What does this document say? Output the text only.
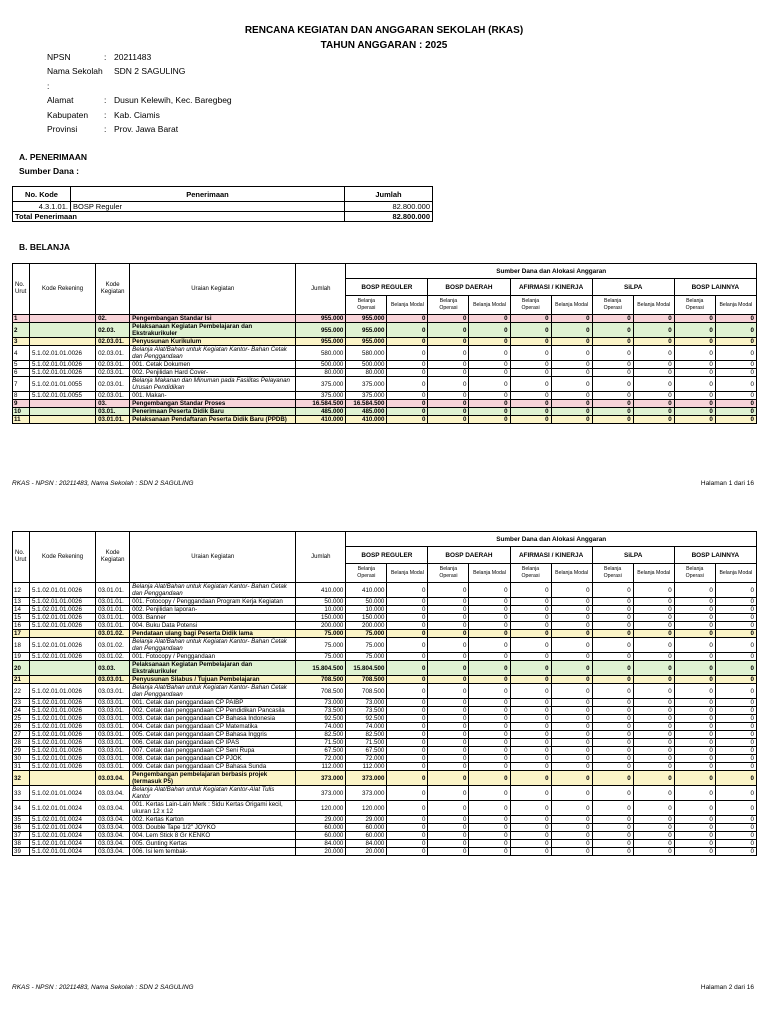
RENCANA KEGIATAN DAN ANGGARAN SEKOLAH (RKAS)
TAHUN ANGGARAN : 2025
NPSN	: 20211483
Nama Sekolah :
SDN 2 SAGULING
Alamat	: Dusun Kelewih, Kec. Baregbeg
Kabupaten	: Kab. Ciamis
Provinsi	: Prov. Jawa Barat
A. PENERIMAAN
Sumber Dana :
No. Kode	Penerimaan	Jumlah
4.3.1.01.	BOSP Reguler	82.800.000
Total Penerimaan		82.800.000
B. BELANJA
No. Urut	Kode Rekening	Kode Kegiatan	Uraian Kegiatan	Jumlah	Sumber Dana dan Alokasi Anggaran									
					BOSP REGULER		BOSP DAERAH		AFIRMASI / KINERJA		SiLPA		BOSP LAINNYA	
					Belanja Operasi	Belanja Modal	Belanja Operasi	Belanja Modal	Belanja Operasi	Belanja Modal	Belanja Operasi	Belanja Modal	Belanja Operasi	Belanja Modal
1		02.	Pengembangan Standar Isi	955.000	955.000	0	0	0	0	0	0	0	0	0
2		02.03.	Pelaksanaan Kegiatan Pembelajaran dan Ekstrakurikuler	955.000	955.000	0	0	0	0	0	0	0	0	0
3		02.03.01.	Penyusunan Kurikulum	955.000	955.000	0	0	0	0	0	0	0	0	0
4	5.1.02.01.01.0026	02.03.01.	Belanja Alat/Bahan untuk Kegiatan Kantor- Bahan Cetak dan Penggandaan	580.000	580.000	0	0	0	0	0	0	0	0	0
5	5.1.02.01.01.0026	02.03.01.	001. Cetak Dokumen	500.000	500.000	0	0	0	0	0	0	0	0	0
6	5.1.02.01.01.0026	02.03.01.	002. Penjilidan Hard Cover-	80.000	80.000	0	0	0	0	0	0	0	0	0
7	5.1.02.01.01.0055	02.03.01.	Belanja Makanan dan Minuman pada Fasilitas Pelayanan Urusan Pendidikan	375.000	375.000	0	0	0	0	0	0	0	0	0
8	5.1.02.01.01.0055	02.03.01.	001. Makan-	375.000	375.000	0	0	0	0	0	0	0	0	0
9		03.	Pengembangan Standar Proses	16.584.500	16.584.500	0	0	0	0	0	0	0	0	0
10		03.01.	Penerimaan Peserta Didik Baru	485.000	485.000	0	0	0	0	0	0	0	0	0
11		03.01.01.	Pelaksanaan Pendaftaran Peserta Didik Baru (PPDB)	410.000	410.000	0	0	0	0	0	0	0	0	0
RKAS - NPSN : 20211483, Nama Sekolah : SDN 2 SAGULING	Halaman 1 dari 16
No. Urut	Kode Rekening	Kode Kegiatan	Uraian Kegiatan	Jumlah	Sumber Dana dan Alokasi Anggaran									
					BOSP REGULER		BOSP DAERAH		AFIRMASI / KINERJA		SiLPA		BOSP LAINNYA	
					Belanja Operasi	Belanja Modal	Belanja Operasi	Belanja Modal	Belanja Operasi	Belanja Modal	Belanja Operasi	Belanja Modal	Belanja Operasi	Belanja Modal
12	5.1.02.01.01.0026	03.01.01.	Belanja Alat/Bahan untuk Kegiatan Kantor- Bahan Cetak dan Penggandaan	410.000	410.000	0	0	0	0	0	0	0	0	0
13	5.1.02.01.01.0026	03.01.01.	001. Fotocopy / Penggandaan Program Kerja Kegiatan	50.000	50.000	0	0	0	0	0	0	0	0	0
14	5.1.02.01.01.0026	03.01.01.	002. Penjilidan laporan-	10.000	10.000	0	0	0	0	0	0	0	0	0
15	5.1.02.01.01.0026	03.01.01.	003. Banner	150.000	150.000	0	0	0	0	0	0	0	0	0
16	5.1.02.01.01.0026	03.01.01.	004. Buku Data Potensi	200.000	200.000	0	0	0	0	0	0	0	0	0
17		03.01.02.	Pendataan ulang bagi Peserta Didik lama	75.000	75.000	0	0	0	0	0	0	0	0	0
18	5.1.02.01.01.0026	03.01.02.	Belanja Alat/Bahan untuk Kegiatan Kantor- Bahan Cetak dan Penggandaan	75.000	75.000	0	0	0	0	0	0	0	0	0
19	5.1.02.01.01.0026	03.01.02.	001. Fotocopy / Penggandaan	75.000	75.000	0	0	0	0	0	0	0	0	0
20		03.03.	Pelaksanaan Kegiatan Pembelajaran dan Ekstrakurikuler	15.804.500	15.804.500	0	0	0	0	0	0	0	0	0
21		03.03.01.	Penyusunan Silabus / Tujuan Pembelajaran	708.500	708.500	0	0	0	0	0	0	0	0	0
22	5.1.02.01.01.0026	03.03.01.	Belanja Alat/Bahan untuk Kegiatan Kantor- Bahan Cetak dan Penggandaan	708.500	708.500	0	0	0	0	0	0	0	0	0
23	5.1.02.01.01.0026	03.03.01.	001. Cetak dan penggandaan CP PAIBP	73.000	73.000	0	0	0	0	0	0	0	0	0
24	5.1.02.01.01.0026	03.03.01.	002. Cetak dan penggandaan CP Pendidikan Pancasila	73.500	73.500	0	0	0	0	0	0	0	0	0
25	5.1.02.01.01.0026	03.03.01.	003. Cetak dan penggandaan CP Bahasa Indonesia	92.500	92.500	0	0	0	0	0	0	0	0	0
26	5.1.02.01.01.0026	03.03.01.	004. Cetak dan penggandaan CP Matematika	74.000	74.000	0	0	0	0	0	0	0	0	0
27	5.1.02.01.01.0026	03.03.01.	005. Cetak dan penggandaan CP Bahasa Inggris	82.500	82.500	0	0	0	0	0	0	0	0	0
28	5.1.02.01.01.0026	03.03.01.	006. Cetak dan penggandaan CP IPAS	71.500	71.500	0	0	0	0	0	0	0	0	0
29	5.1.02.01.01.0026	03.03.01.	007. Cetak dan penggandaan CP Seni Rupa	67.500	67.500	0	0	0	0	0	0	0	0	0
30	5.1.02.01.01.0026	03.03.01.	008. Cetak dan penggandaan CP PJOK	72.000	72.000	0	0	0	0	0	0	0	0	0
31	5.1.02.01.01.0026	03.03.01.	009. Cetak dan penggandaan CP Bahasa Sunda	112.000	112.000	0	0	0	0	0	0	0	0	0
32		03.03.04.	Pengembangan pembelajaran berbasis projek (termasuk P5)	373.000	373.000	0	0	0	0	0	0	0	0	0
33	5.1.02.01.01.0024	03.03.04.	Belanja Alat/Bahan untuk Kegiatan Kantor-Alat Tulis Kantor	373.000	373.000	0	0	0	0	0	0	0	0	0
34	5.1.02.01.01.0024	03.03.04.	001. Kertas Lain-Lain Merk : Sidu Kertas Origami kecil, ukuran 12 x 12	120.000	120.000	0	0	0	0	0	0	0	0	0
35	5.1.02.01.01.0024	03.03.04.	002. Kertas Karton	29.000	29.000	0	0	0	0	0	0	0	0	0
36	5.1.02.01.01.0024	03.03.04.	003. Double Tape 1/2" JOYKO	60.000	60.000	0	0	0	0	0	0	0	0	0
37	5.1.02.01.01.0024	03.03.04.	004. Lem Stick 8 Gr KENKO	60.000	60.000	0	0	0	0	0	0	0	0	0
38	5.1.02.01.01.0024	03.03.04.	005. Gunting Kertas	84.000	84.000	0	0	0	0	0	0	0	0	0
39	5.1.02.01.01.0024	03.03.04.	006. Isi lem tembak-	20.000	20.000	0	0	0	0	0	0	0	0	0
RKAS - NPSN : 20211483, Nama Sekolah : SDN 2 SAGULING	Halaman 2 dari 16
